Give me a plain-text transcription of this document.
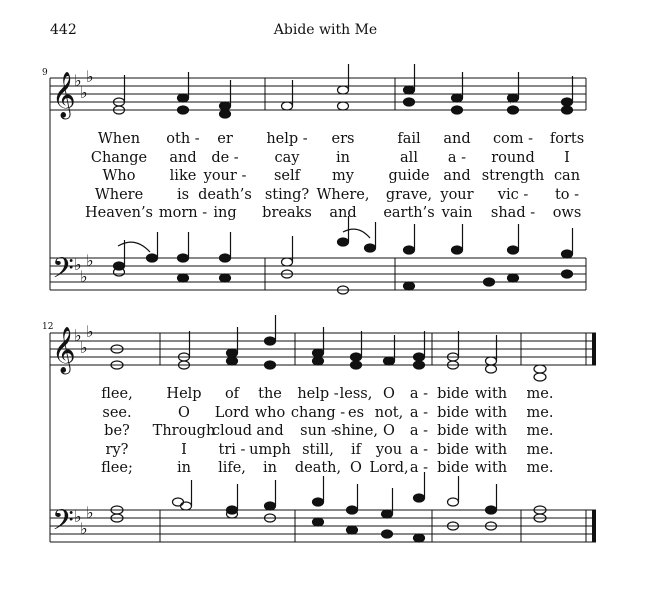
442	Abide with Me
9
12
𝄞
𝄢
𝄞
𝄢
♭
♭
♭
♭
♭
♭
♭
♭
♭
♭
♭
♭
When oth - er help - ers	fail and com - forts
Change and de - cay	in	all a - round I
Who like your - self my guide and strength can
Where is death’s sting? Where, grave, your vic - to -
Heaven’s morn - ing breaks and earth’s vain shad - ows
flee, Help of the help - less, O a - bide with me.
see.	O Lord who chang - es not, a - bide with me.
be? Through
cloud and sun -
shine, O a - bide with me.
ry?	I tri - umph still, if you a - bide with me.
flee;	in life, in death, O Lord, a - bide with me.
